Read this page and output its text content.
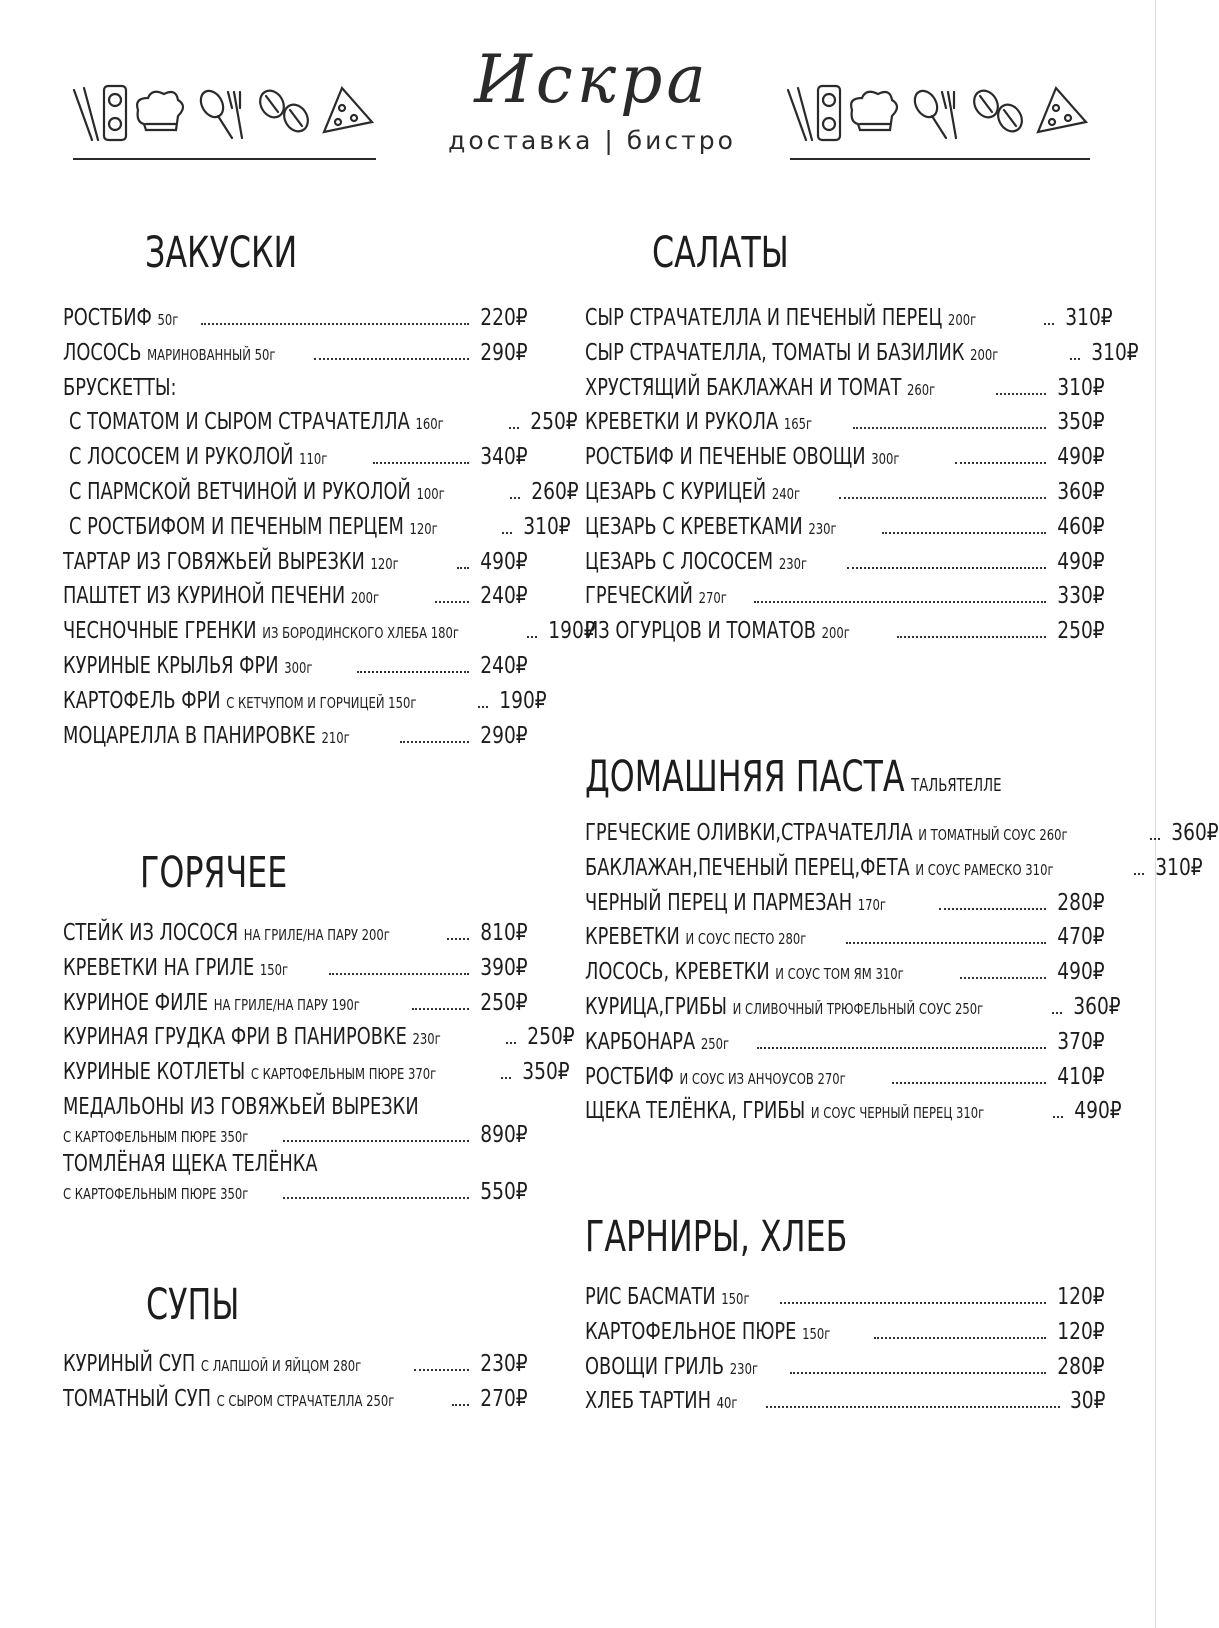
Искра
доставка | бистро
ЗАКУСКИ
ГОРЯЧЕЕ
СУПЫ
САЛАТЫ
ДОМАШНЯЯ ПАСТА ТАЛЬЯТЕЛЛЕ
ГАРНИРЫ, ХЛЕБ
РОСТБИФ 50г	220₽
ЛОСОСЬ МАРИНОВАННЫЙ 50г	290₽
БРУСКЕТТЫ:
С ТОМАТОМ И СЫРОМ СТРАЧАТЕЛЛА 160г	250₽
С ЛОСОСЕМ И РУКОЛОЙ 110г	340₽
С ПАРМСКОЙ ВЕТЧИНОЙ И РУКОЛОЙ 100г	260₽
С РОСТБИФОМ И ПЕЧЕНЫМ ПЕРЦЕМ 120г	310₽
ТАРТАР ИЗ ГОВЯЖЬЕЙ ВЫРЕЗКИ 120г	490₽
ПАШТЕТ ИЗ КУРИНОЙ ПЕЧЕНИ 200г	240₽
ЧЕСНОЧНЫЕ ГРЕНКИ ИЗ БОРОДИНСКОГО ХЛЕБА 180г	190₽
КУРИНЫЕ КРЫЛЬЯ ФРИ 300г	240₽
КАРТОФЕЛЬ ФРИ С КЕТЧУПОМ И ГОРЧИЦЕЙ 150г	190₽
МОЦАРЕЛЛА В ПАНИРОВКЕ 210г	290₽
СТЕЙК ИЗ ЛОСОСЯ НА ГРИЛЕ/НА ПАРУ 200г	810₽
КРЕВЕТКИ НА ГРИЛЕ 150г	390₽
КУРИНОЕ ФИЛЕ НА ГРИЛЕ/НА ПАРУ 190г	250₽
КУРИНАЯ ГРУДКА ФРИ В ПАНИРОВКЕ 230г	250₽
КУРИНЫЕ КОТЛЕТЫ С КАРТОФЕЛЬНЫМ ПЮРЕ 370г	350₽
МЕДАЛЬОНЫ ИЗ ГОВЯЖЬЕЙ ВЫРЕЗКИ
С КАРТОФЕЛЬНЫМ ПЮРЕ 350г	890₽
ТОМЛЁНАЯ ЩЕКА ТЕЛЁНКА
С КАРТОФЕЛЬНЫМ ПЮРЕ 350г	550₽
КУРИНЫЙ СУП С ЛАПШОЙ И ЯЙЦОМ 280г	230₽
ТОМАТНЫЙ СУП С СЫРОМ СТРАЧАТЕЛЛА 250г	270₽
СЫР СТРАЧАТЕЛЛА И ПЕЧЕНЫЙ ПЕРЕЦ 200г	310₽
СЫР СТРАЧАТЕЛЛА, ТОМАТЫ И БАЗИЛИК 200г	310₽
ХРУСТЯЩИЙ БАКЛАЖАН И ТОМАТ 260г	310₽
КРЕВЕТКИ И РУКОЛА 165г	350₽
РОСТБИФ И ПЕЧЕНЫЕ ОВОЩИ 300г	490₽
ЦЕЗАРЬ С КУРИЦЕЙ 240г	360₽
ЦЕЗАРЬ С КРЕВЕТКАМИ 230г	460₽
ЦЕЗАРЬ С ЛОСОСЕМ 230г	490₽
ГРЕЧЕСКИЙ 270г	330₽
ИЗ ОГУРЦОВ И ТОМАТОВ 200г	250₽
ГРЕЧЕСКИЕ ОЛИВКИ,СТРАЧАТЕЛЛА И ТОМАТНЫЙ СОУС 260г	360₽
БАКЛАЖАН,ПЕЧЕНЫЙ ПЕРЕЦ,ФЕТА И СОУС РАМЕСКО 310г	310₽
ЧЕРНЫЙ ПЕРЕЦ И ПАРМЕЗАН 170г	280₽
КРЕВЕТКИ И СОУС ПЕСТО 280г	470₽
ЛОСОСЬ, КРЕВЕТКИ И СОУС ТОМ ЯМ 310г	490₽
КУРИЦА,ГРИБЫ И СЛИВОЧНЫЙ ТРЮФЕЛЬНЫЙ СОУС 250г	360₽
КАРБОНАРА 250г	370₽
РОСТБИФ И СОУС ИЗ АНЧОУСОВ 270г	410₽
ЩЕКА ТЕЛЁНКА, ГРИБЫ И СОУС ЧЕРНЫЙ ПЕРЕЦ 310г	490₽
РИС БАСМАТИ 150г	120₽
КАРТОФЕЛЬНОЕ ПЮРЕ 150г	120₽
ОВОЩИ ГРИЛЬ 230г	280₽
ХЛЕБ ТАРТИН 40г	30₽
